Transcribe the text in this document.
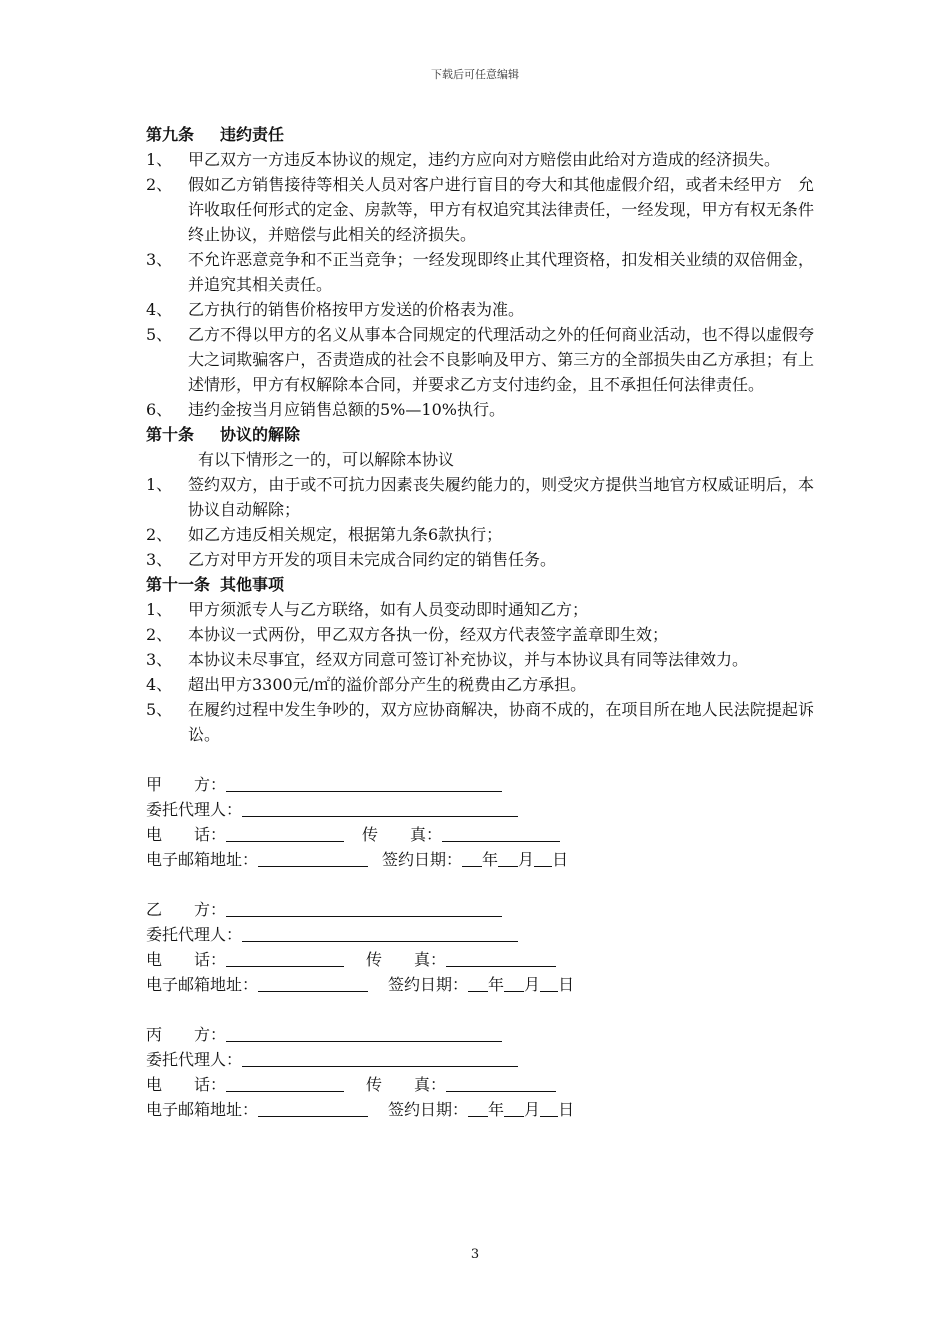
下载后可任意编辑
第九条 违约责任
1、 甲乙双方一方违反本协议的规定，违约方应向对方赔偿由此给对方造成的经济损失。
2、 假如乙方销售接待等相关人员对客户进行盲目的夸大和其他虚假介绍，或者未经甲方　允许收取任何形式的定金、房款等，甲方有权追究其法律责任，一经发现，甲方有权无条件终止协议，并赔偿与此相关的经济损失。
3、 不允许恶意竞争和不正当竞争；一经发现即终止其代理资格，扣发相关业绩的双倍佣金，并追究其相关责任。
4、 乙方执行的销售价格按甲方发送的价格表为准。
5、 乙方不得以甲方的名义从事本合同规定的代理活动之外的任何商业活动，也不得以虚假夸大之词欺骗客户，否责造成的社会不良影响及甲方、第三方的全部损失由乙方承担；有上述情形，甲方有权解除本合同，并要求乙方支付违约金，且不承担任何法律责任。
6、 违约金按当月应销售总额的5%—10%执行。
第十条 协议的解除
有以下情形之一的，可以解除本协议
1、 签约双方，由于或不可抗力因素丧失履约能力的，则受灾方提供当地官方权威证明后，本协议自动解除；
2、 如乙方违反相关规定，根据第九条6款执行；
3、 乙方对甲方开发的项目未完成合同约定的销售任务。
第十一条 其他事项
1、 甲方须派专人与乙方联络，如有人员变动即时通知乙方；
2、 本协议一式两份，甲乙双方各执一份，经双方代表签字盖章即生效；
3、 本协议未尽事宜，经双方同意可签订补充协议，并与本协议具有同等法律效力。
4、 超出甲方3300元/㎡的溢价部分产生的税费由乙方承担。
5、 在履约过程中发生争吵的，双方应协商解决，协商不成的，在项目所在地人民法院提起诉讼。
甲　　方：
委托代理人：
电　　话：	传　　真：
电子邮箱地址：	签约日期： 年 月 日
乙　　方：
委托代理人：
电　　话：	传　　真：
电子邮箱地址：	签约日期： 年 月 日
丙　　方：
委托代理人：
电　　话：	传　　真：
电子邮箱地址：	签约日期： 年 月 日
3
